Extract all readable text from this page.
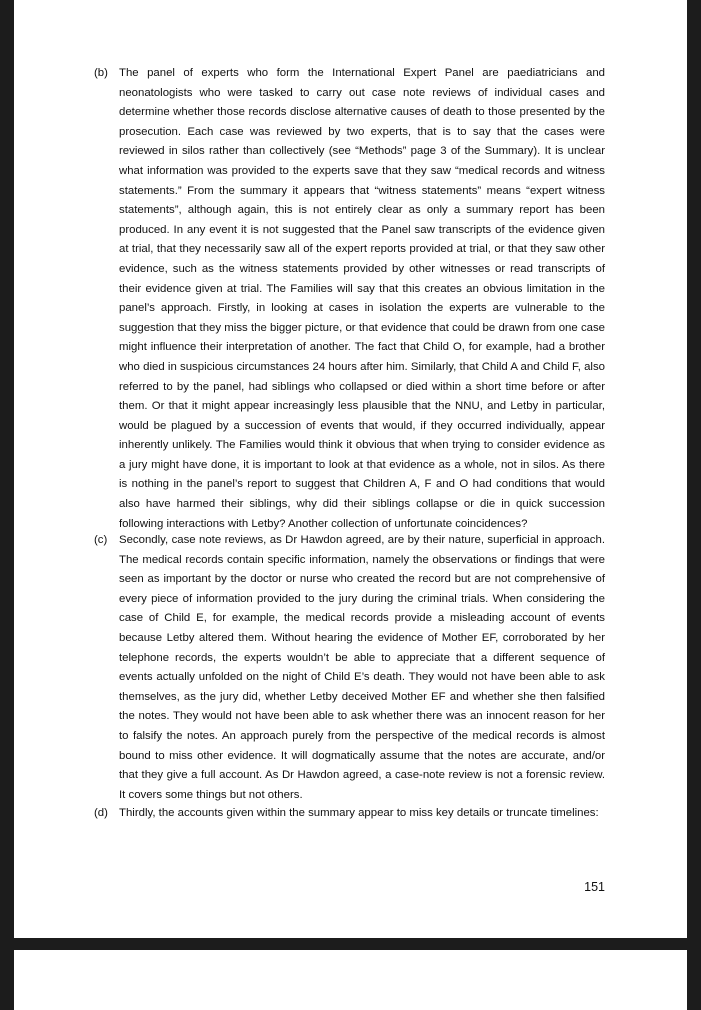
(b) The panel of experts who form the International Expert Panel are paediatricians and neonatologists who were tasked to carry out case note reviews of individual cases and determine whether those records disclose alternative causes of death to those presented by the prosecution. Each case was reviewed by two experts, that is to say that the cases were reviewed in silos rather than collectively (see “Methods” page 3 of the Summary). It is unclear what information was provided to the experts save that they saw “medical records and witness statements.” From the summary it appears that “witness statements” means “expert witness statements”, although again, this is not entirely clear as only a summary report has been produced. In any event it is not suggested that the Panel saw transcripts of the evidence given at trial, that they necessarily saw all of the expert reports provided at trial, or that they saw other evidence, such as the witness statements provided by other witnesses or read transcripts of their evidence given at trial. The Families will say that this creates an obvious limitation in the panel’s approach. Firstly, in looking at cases in isolation the experts are vulnerable to the suggestion that they miss the bigger picture, or that evidence that could be drawn from one case might influence their interpretation of another. The fact that Child O, for example, had a brother who died in suspicious circumstances 24 hours after him. Similarly, that Child A and Child F, also referred to by the panel, had siblings who collapsed or died within a short time before or after them. Or that it might appear increasingly less plausible that the NNU, and Letby in particular, would be plagued by a succession of events that would, if they occurred individually, appear inherently unlikely. The Families would think it obvious that when trying to consider evidence as a jury might have done, it is important to look at that evidence as a whole, not in silos. As there is nothing in the panel’s report to suggest that Children A, F and O had conditions that would also have harmed their siblings, why did their siblings collapse or die in quick succession following interactions with Letby? Another collection of unfortunate coincidences?

(c) Secondly, case note reviews, as Dr Hawdon agreed, are by their nature, superficial in approach. The medical records contain specific information, namely the observations or findings that were seen as important by the doctor or nurse who created the record but are not comprehensive of every piece of information provided to the jury during the criminal trials. When considering the case of Child E, for example, the medical records provide a misleading account of events because Letby altered them. Without hearing the evidence of Mother EF, corroborated by her telephone records, the experts wouldn’t be able to appreciate that a different sequence of events actually unfolded on the night of Child E’s death. They would not have been able to ask themselves, as the jury did, whether Letby deceived Mother EF and whether she then falsified the notes. They would not have been able to ask whether there was an innocent reason for her to falsify the notes. An approach purely from the perspective of the medical records is almost bound to miss other evidence. It will dogmatically assume that the notes are accurate, and/or that they give a full account. As Dr Hawdon agreed, a case-note review is not a forensic review. It covers some things but not others.

(d) Thirdly, the accounts given within the summary appear to miss key details or truncate timelines:

151
